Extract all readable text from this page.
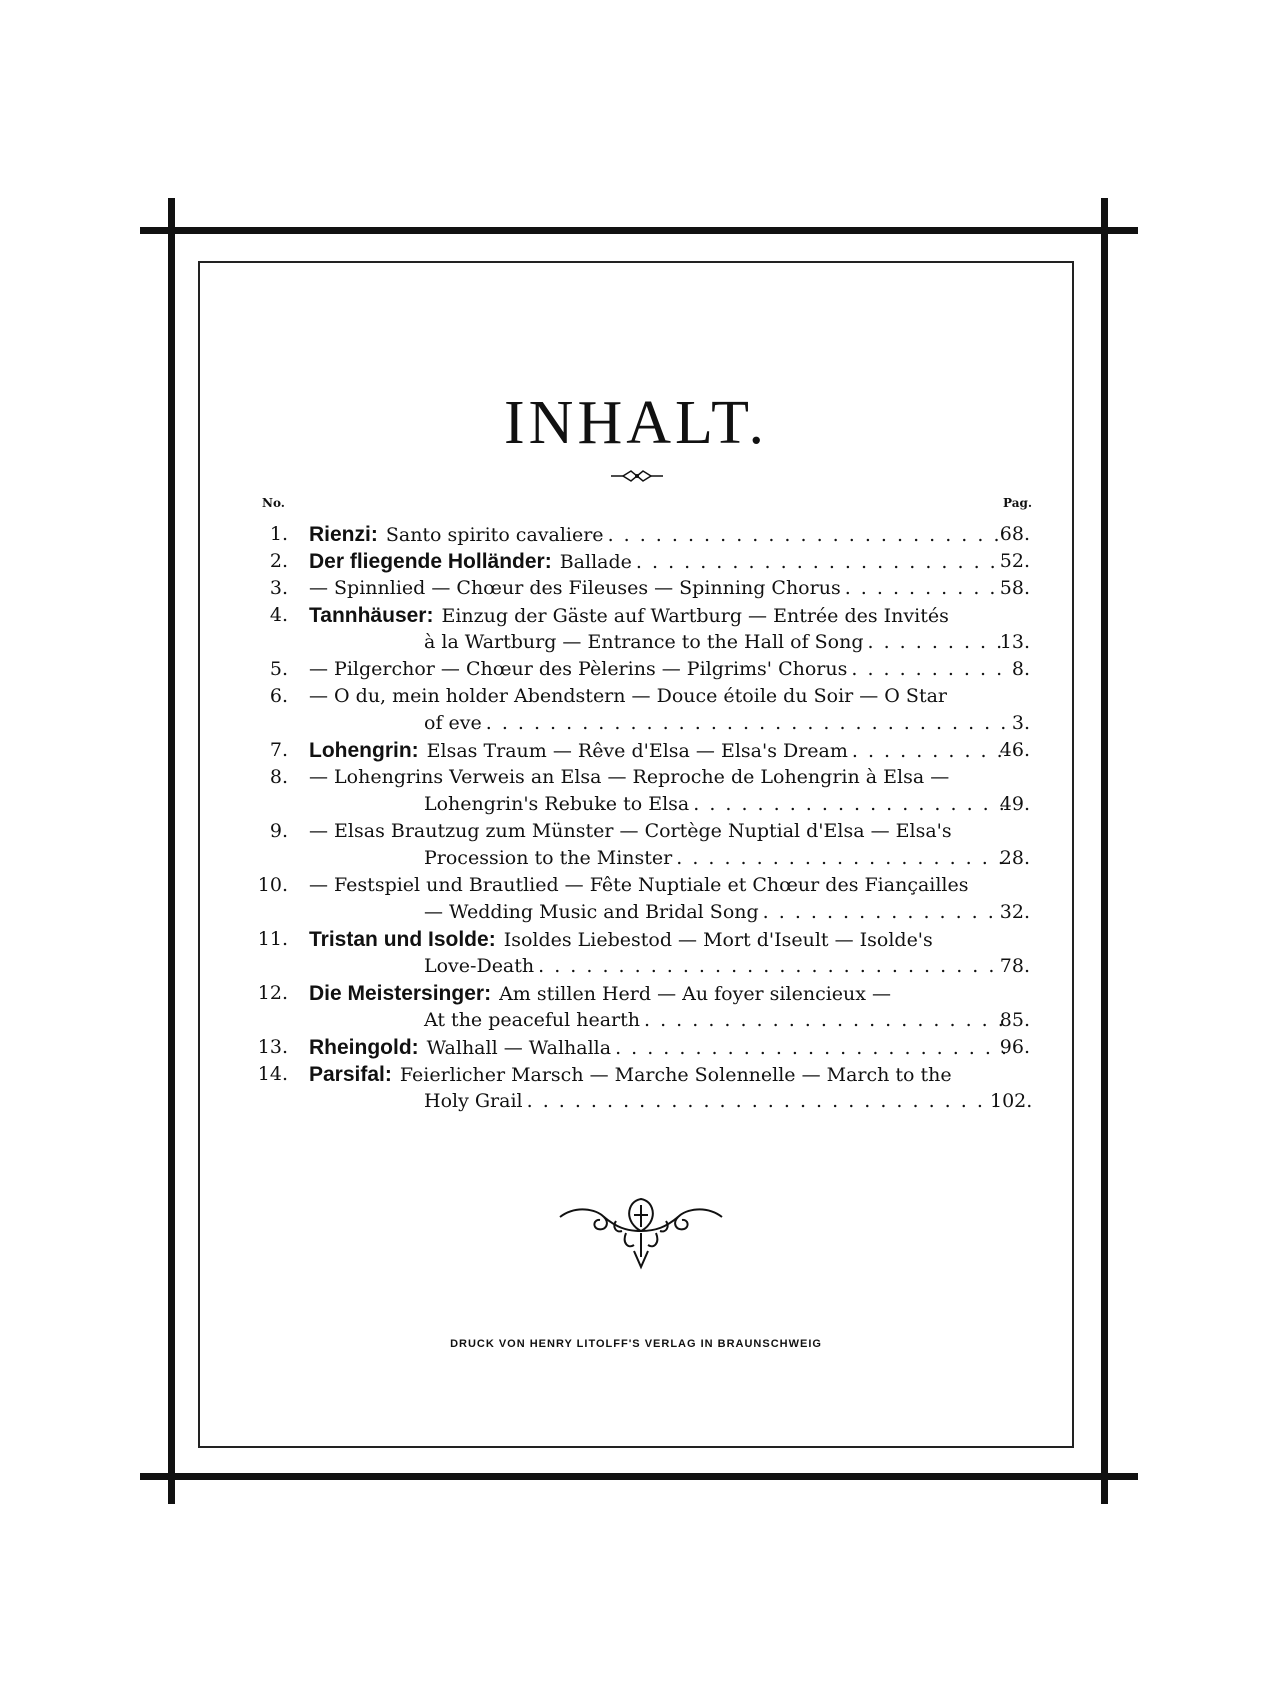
INHALT.
No.	Pag.
1. Rienzi: Santo spirito cavaliere . . .	68.
2. Der fliegende Holländer: Ballade . . .	52.
3. — Spinnlied — Chœur des Fileuses — Spinning Chorus . . .	58.
4. Tannhäuser: Einzug der Gäste auf Wartburg — Entrée des Invités
à la Wartburg — Entrance to the Hall of Song . . .	13.
5. — Pilgerchor — Chœur des Pèlerins — Pilgrims' Chorus . . .	8.
6. — O du, mein holder Abendstern — Douce étoile du Soir — O Star
of eve . . .	3.
7. Lohengrin: Elsas Traum — Rêve d'Elsa — Elsa's Dream . . .	46.
8. — Lohengrins Verweis an Elsa — Reproche de Lohengrin à Elsa —
Lohengrin's Rebuke to Elsa . . .	49.
9. — Elsas Brautzug zum Münster — Cortège Nuptial d'Elsa — Elsa's
Procession to the Minster . . .	28.
10. — Festspiel und Brautlied — Fête Nuptiale et Chœur des Fiançailles
— Wedding Music and Bridal Song . . .	32.
11. Tristan und Isolde: Isoldes Liebestod — Mort d'Iseult — Isolde's
Love-Death . . .	78.
12. Die Meistersinger: Am stillen Herd — Au foyer silencieux —
At the peaceful hearth . . .	85.
13. Rheingold: Walhall — Walhalla . . .	96.
14. Parsifal: Feierlicher Marsch — Marche Solennelle — March to the
Holy Grail . . .	102.
DRUCK VON HENRY LITOLFF'S VERLAG IN BRAUNSCHWEIG
